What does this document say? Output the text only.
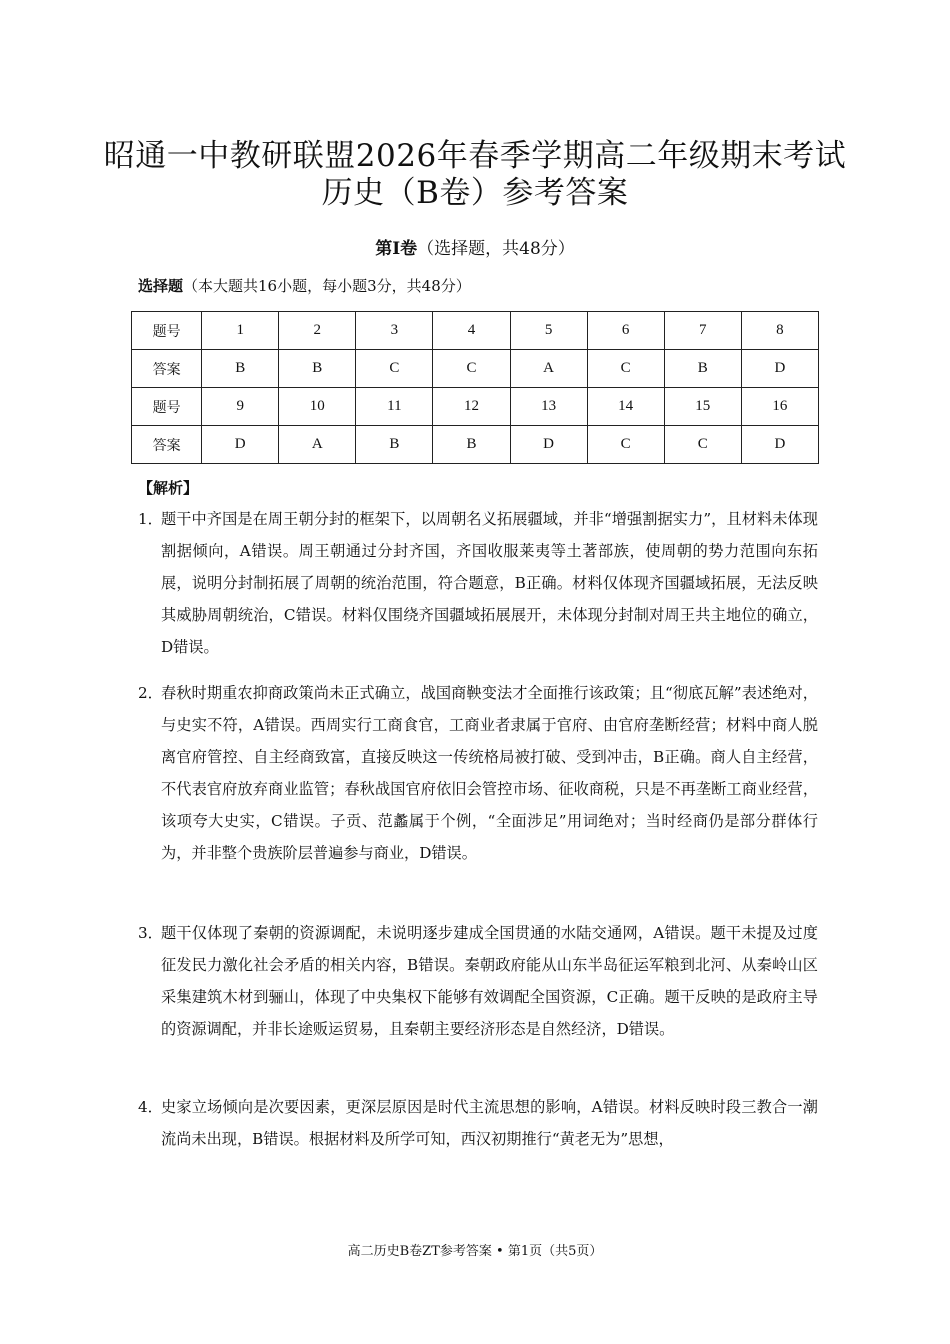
昭通一中教研联盟2026年春季学期高二年级期末考试
历史（B卷）参考答案
第Ⅰ卷（选择题，共48分）
选择题（本大题共16小题，每小题3分，共48分）
题号	1	2	3	4	5	6	7	8
答案	B	B	C	C	A	C	B	D
题号	9	10	11	12	13	14	15	16
答案	D	A	B	B	D	C	C	D
【解析】
1．
题干中齐国是在周王朝分封的框架下，以周朝名义拓展疆域，并非“增强割据实力”，且材料未体现割据倾向，A错误。周王朝通过分封齐国，齐国收服莱夷等土著部族，使周朝的势力范围向东拓展，说明分封制拓展了周朝的统治范围，符合题意，B正确。材料仅体现齐国疆域拓展，无法反映其威胁周朝统治，C错误。材料仅围绕齐国疆域拓展展开，未体现分封制对周王共主地位的确立，D错误。
2．
春秋时期重农抑商政策尚未正式确立，战国商鞅变法才全面推行该政策；且“彻底瓦解”表述绝对，与史实不符，A错误。西周实行工商食官，工商业者隶属于官府、由官府垄断经营；材料中商人脱离官府管控、自主经商致富，直接反映这一传统格局被打破、受到冲击，B正确。商人自主经营，不代表官府放弃商业监管；春秋战国官府依旧会管控市场、征收商税，只是不再垄断工商业经营，该项夸大史实，C错误。子贡、范蠡属于个例，“全面涉足”用词绝对；当时经商仍是部分群体行为，并非整个贵族阶层普遍参与商业，D错误。
3．
题干仅体现了秦朝的资源调配，未说明逐步建成全国贯通的水陆交通网，A错误。题干未提及过度征发民力激化社会矛盾的相关内容，B错误。秦朝政府能从山东半岛征运军粮到北河、从秦岭山区采集建筑木材到骊山，体现了中央集权下能够有效调配全国资源，C正确。题干反映的是政府主导的资源调配，并非长途贩运贸易，且秦朝主要经济形态是自然经济，D错误。
4．
史家立场倾向是次要因素，更深层原因是时代主流思想的影响，A错误。材料反映时段三教合一潮流尚未出现，B错误。根据材料及所学可知，西汉初期推行“黄老无为”思想，
高二历史B卷ZT参考答案 • 第1页（共5页）
